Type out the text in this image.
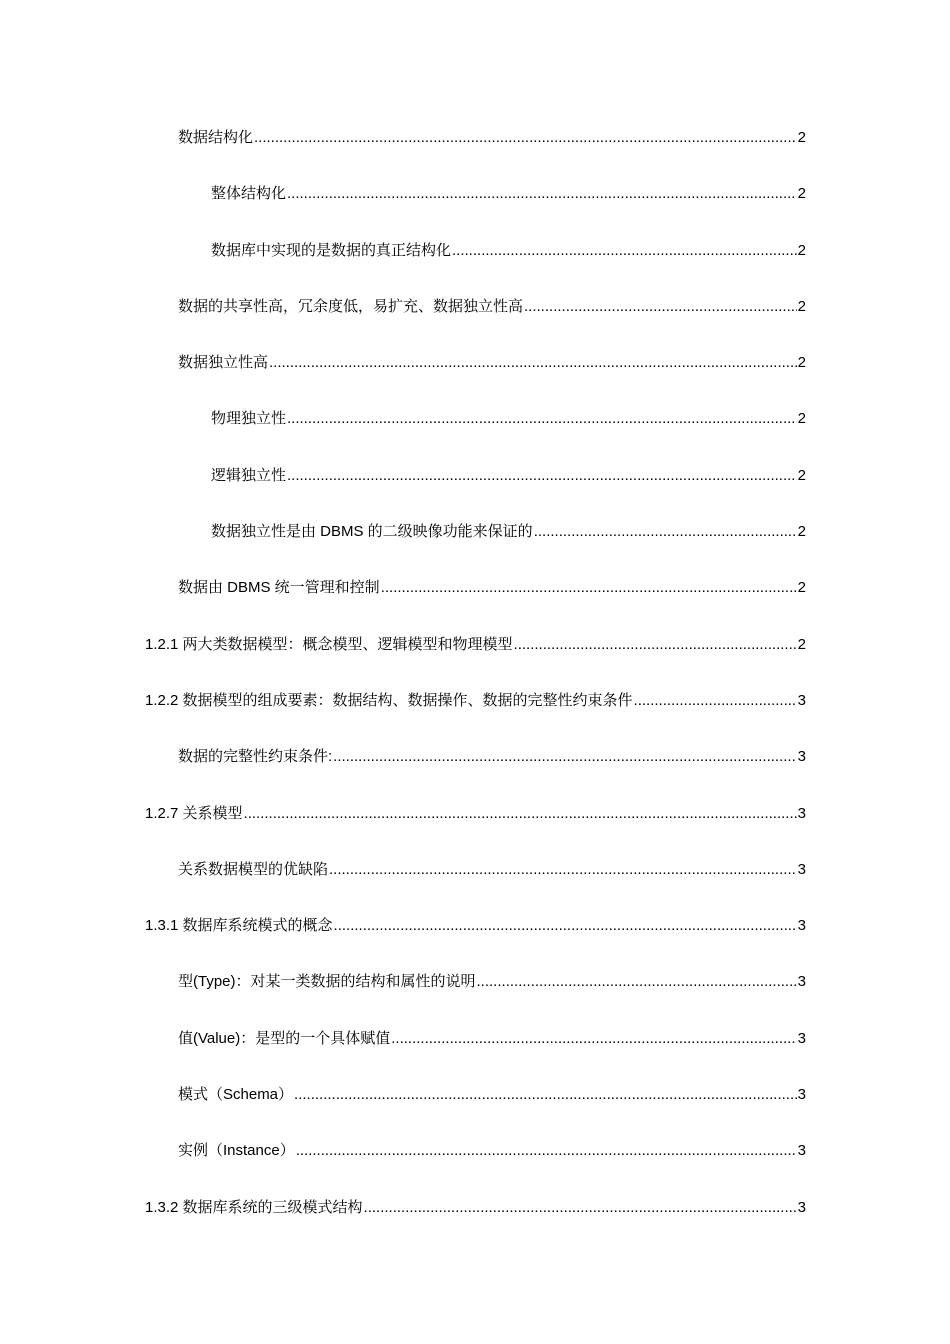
数据结构化 .....	2
整体结构化 .....	2
数据库中实现的是数据的真正结构化 .....	2
数据的共享性高，冗余度低，易扩充、数据独立性高 .....	2
数据独立性高 .....	2
物理独立性 .....	2
逻辑独立性 .....	2
数据独立性是由 DBMS 的二级映像功能来保证的 .....	2
数据由 DBMS 统一管理和控制 .....	2
1.2.1 两大类数据模型：概念模型、逻辑模型和物理模型 .....	2
1.2.2 数据模型的组成要素：数据结构、数据操作、数据的完整性约束条件 .....	3
数据的完整性约束条件: .....	3
1.2.7 关系模型 .....	3
关系数据模型的优缺陷 .....	3
1.3.1 数据库系统模式的概念 .....	3
型(Type)：对某一类数据的结构和属性的说明 .....	3
值(Value)：是型的一个具体赋值 .....	3
模式（Schema） .....	3
实例（Instance） .....	3
1.3.2 数据库系统的三级模式结构 .....	3
